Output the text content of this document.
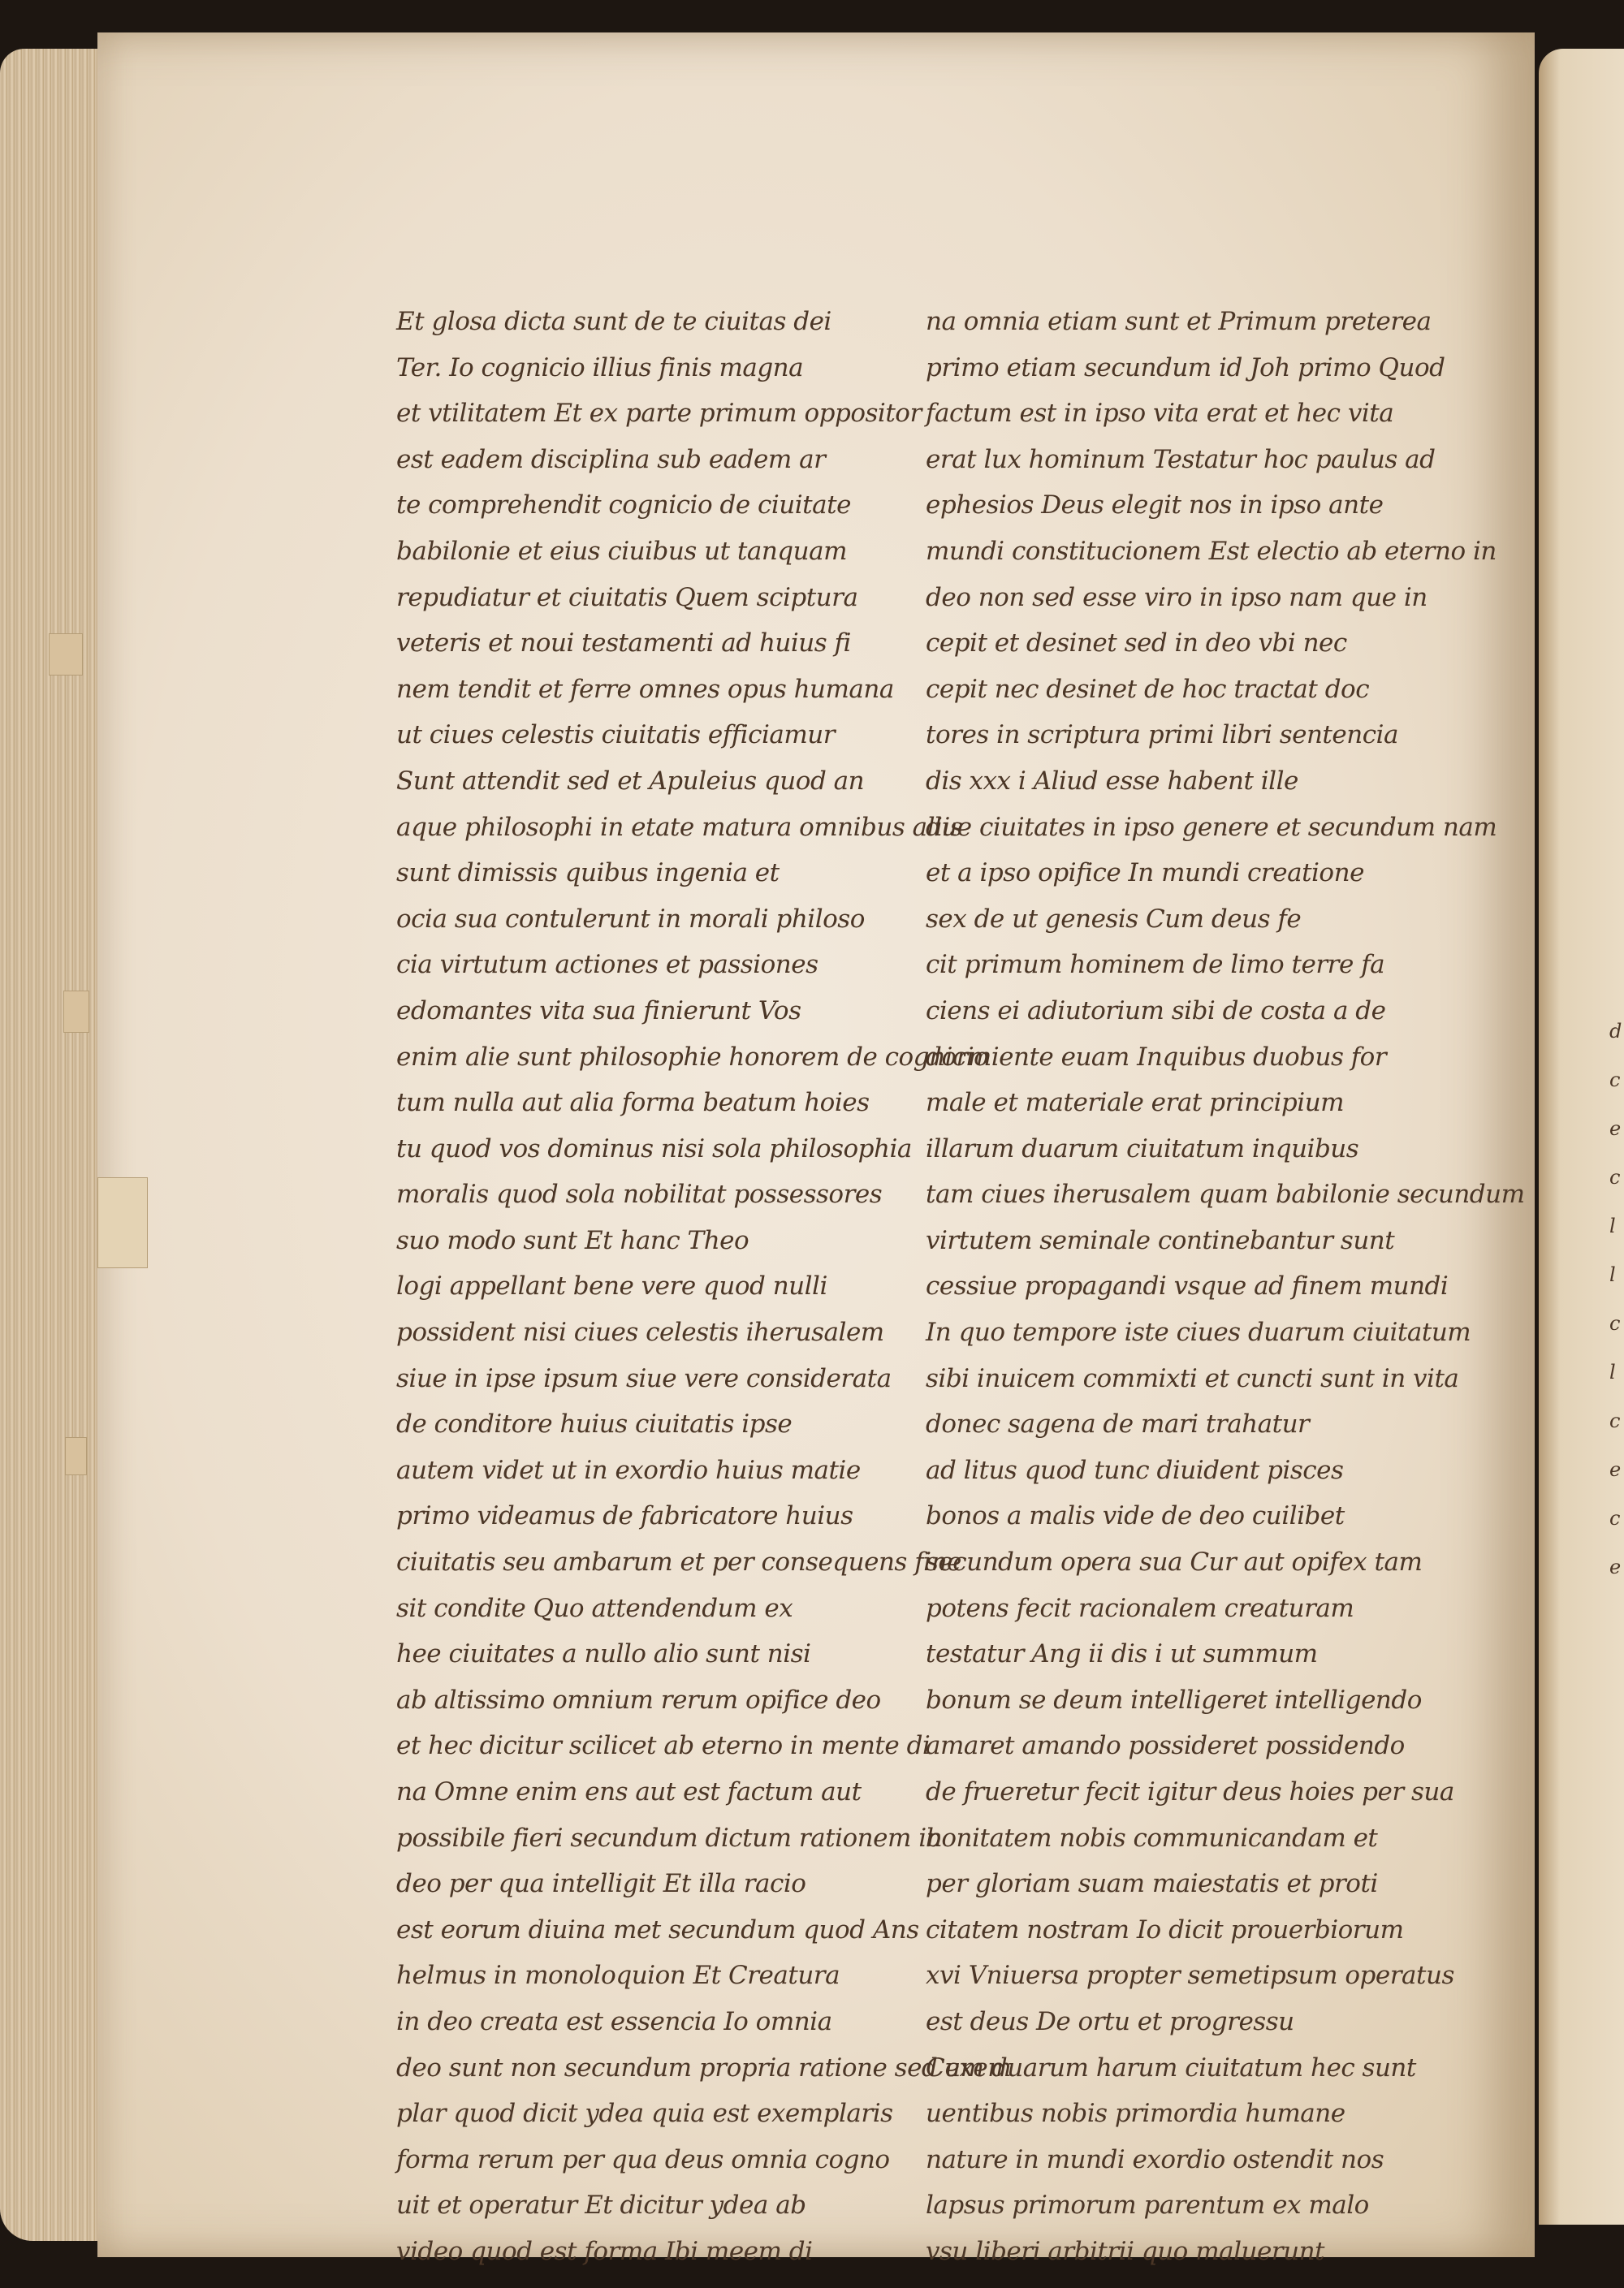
Et glosa dicta sunt de te ciuitas dei
Ter. Io cognicio illius finis magna
et vtilitatem Et ex parte primum oppositor
est eadem disciplina sub eadem ar
te comprehendit cognicio de ciuitate
babilonie et eius ciuibus ut tanquam
repudiatur et ciuitatis Quem sciptura
veteris et noui testamenti ad huius fi
nem tendit et ferre omnes opus humana
ut ciues celestis ciuitatis efficiamur
Sunt attendit sed et Apuleius quod an
aque philosophi in etate matura omnibus aliis
sunt dimissis quibus ingenia et
ocia sua contulerunt in morali philoso
cia virtutum actiones et passiones
edomantes vita sua finierunt Vos
enim alie sunt philosophie honorem de cognicio
tum nulla aut alia forma beatum hoies
tu quod vos dominus nisi sola philosophia
moralis quod sola nobilitat possessores
suo modo sunt Et hanc Theo
logi appellant bene vere quod nulli
possident nisi ciues celestis iherusalem
siue in ipse ipsum siue vere considerata
de conditore huius ciuitatis ipse
autem videt ut in exordio huius matie
primo videamus de fabricatore huius
ciuitatis seu ambarum et per consequens fine
sit condite Quo attendendum ex
hee ciuitates a nullo alio sunt nisi
ab altissimo omnium rerum opifice deo
et hec dicitur scilicet ab eterno in mente di
na Omne enim ens aut est factum aut
possibile fieri secundum dictum rationem in
deo per qua intelligit Et illa racio
est eorum diuina met secundum quod Ans
helmus in monoloquion Et Creatura
in deo creata est essencia Io omnia
deo sunt non secundum propria ratione sed exem
plar quod dicit ydea quia est exemplaris
forma rerum per qua deus omnia cogno
uit et operatur Et dicitur ydea ab
video quod est forma Ibi meem di
na omnia etiam sunt et Primum preterea
primo etiam secundum id Joh primo Quod
factum est in ipso vita erat et hec vita
erat lux hominum Testatur hoc paulus ad
ephesios Deus elegit nos in ipso ante
mundi constitucionem Est electio ab eterno in
deo non sed esse viro in ipso nam que in
cepit et desinet sed in deo vbi nec
cepit nec desinet de hoc tractat doc
tores in scriptura primi libri sentencia
dis xxx i Aliud esse habent ille
due ciuitates in ipso genere et secundum nam
et a ipso opifice In mundi creatione
sex de ut genesis Cum deus fe
cit primum hominem de limo terre fa
ciens ei adiutorium sibi de costa a de
dormiente euam Inquibus duobus for
male et materiale erat principium
illarum duarum ciuitatum inquibus
tam ciues iherusalem quam babilonie secundum
virtutem seminale continebantur sunt
cessiue propagandi vsque ad finem mundi
In quo tempore iste ciues duarum ciuitatum
sibi inuicem commixti et cuncti sunt in vita
donec sagena de mari trahatur
ad litus quod tunc diuident pisces
bonos a malis vide de deo cuilibet
secundum opera sua Cur aut opifex tam
potens fecit racionalem creaturam
testatur Ang ii dis i ut summum
bonum se deum intelligeret intelligendo
amaret amando possideret possidendo
de frueretur fecit igitur deus hoies per sua
bonitatem nobis communicandam et
per gloriam suam maiestatis et proti
citatem nostram Io dicit prouerbiorum
xvi Vniuersa propter semetipsum operatus
est deus De ortu et progressu
Cum duarum harum ciuitatum hec sunt
uentibus nobis primordia humane
nature in mundi exordio ostendit nos
lapsus primorum parentum ex malo
vsu liberi arbitrii quo maluerunt
d
c
e
c
l
l
c
l
c
e
c
e
